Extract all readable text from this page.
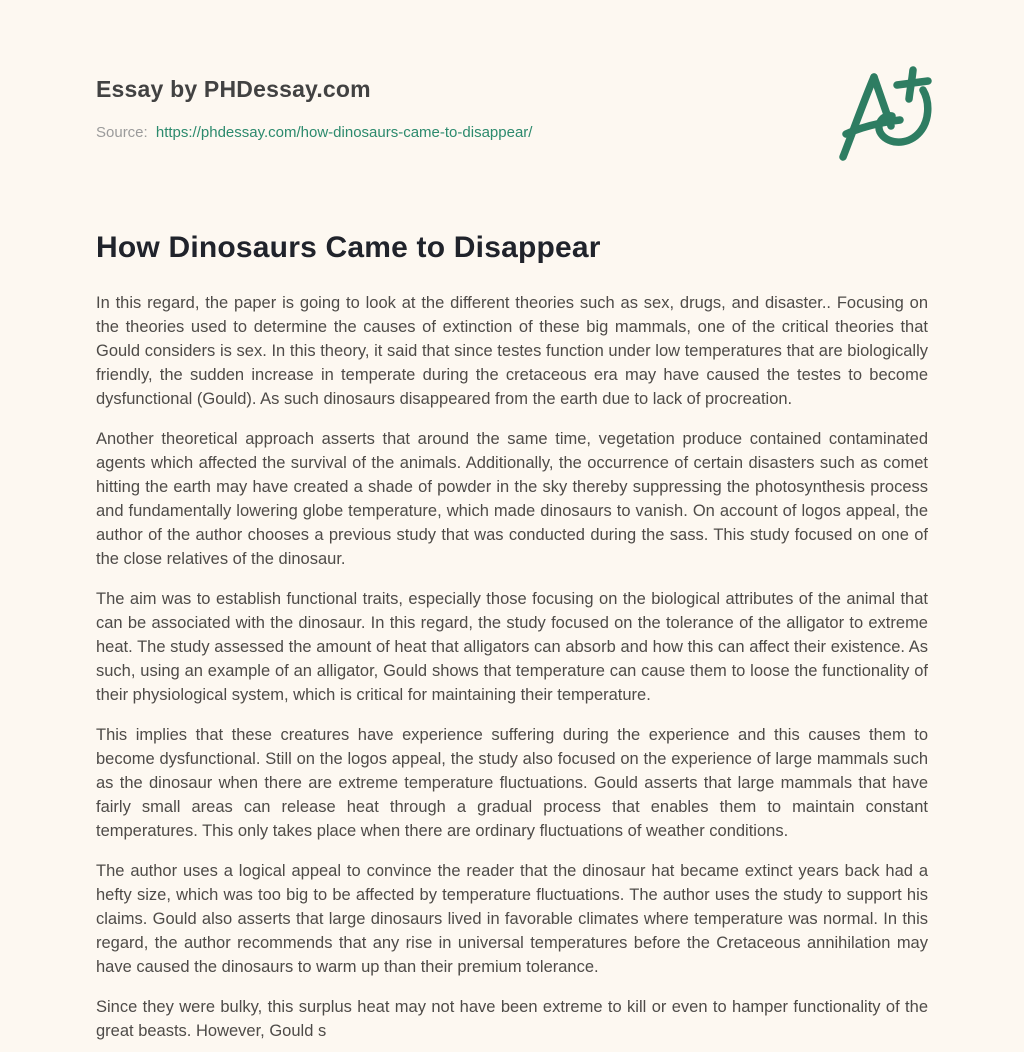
Essay by PHDessay.com
Source: https://phdessay.com/how-dinosaurs-came-to-disappear/
How Dinosaurs Came to Disappear

In this regard, the paper is going to look at the different theories such as sex, drugs, and disaster.. Focusing on the theories used to determine the causes of extinction of these big mammals, one of the critical theories that Gould considers is sex. In this theory, it said that since testes function under low temperatures that are biologically friendly, the sudden increase in temperate during the cretaceous era may have caused the testes to become dysfunctional (Gould). As such dinosaurs disappeared from the earth due to lack of procreation.

Another theoretical approach asserts that around the same time, vegetation produce contained contaminated agents which affected the survival of the animals. Additionally, the occurrence of certain disasters such as comet hitting the earth may have created a shade of powder in the sky thereby suppressing the photosynthesis process and fundamentally lowering globe temperature, which made dinosaurs to vanish. On account of logos appeal, the author of the author chooses a previous study that was conducted during the sass. This study focused on one of the close relatives of the dinosaur.

The aim was to establish functional traits, especially those focusing on the biological attributes of the animal that can be associated with the dinosaur. In this regard, the study focused on the tolerance of the alligator to extreme heat. The study assessed the amount of heat that alligators can absorb and how this can affect their existence. As such, using an example of an alligator, Gould shows that temperature can cause them to loose the functionality of their physiological system, which is critical for maintaining their temperature.

This implies that these creatures have experience suffering during the experience and this causes them to become dysfunctional. Still on the logos appeal, the study also focused on the experience of large mammals such as the dinosaur when there are extreme temperature fluctuations. Gould asserts that large mammals that have fairly small areas can release heat through a gradual process that enables them to maintain constant temperatures. This only takes place when there are ordinary fluctuations of weather conditions.

The author uses a logical appeal to convince the reader that the dinosaur hat became extinct years back had a hefty size, which was too big to be affected by temperature fluctuations. The author uses the study to support his claims. Gould also asserts that large dinosaurs lived in favorable climates where temperature was normal. In this regard, the author recommends that any rise in universal temperatures before the Cretaceous annihilation may have caused the dinosaurs to warm up than their premium tolerance.

Since they were bulky, this surplus heat may not have been extreme to kill or even to hamper functionality of the great beasts. However, Gould s
